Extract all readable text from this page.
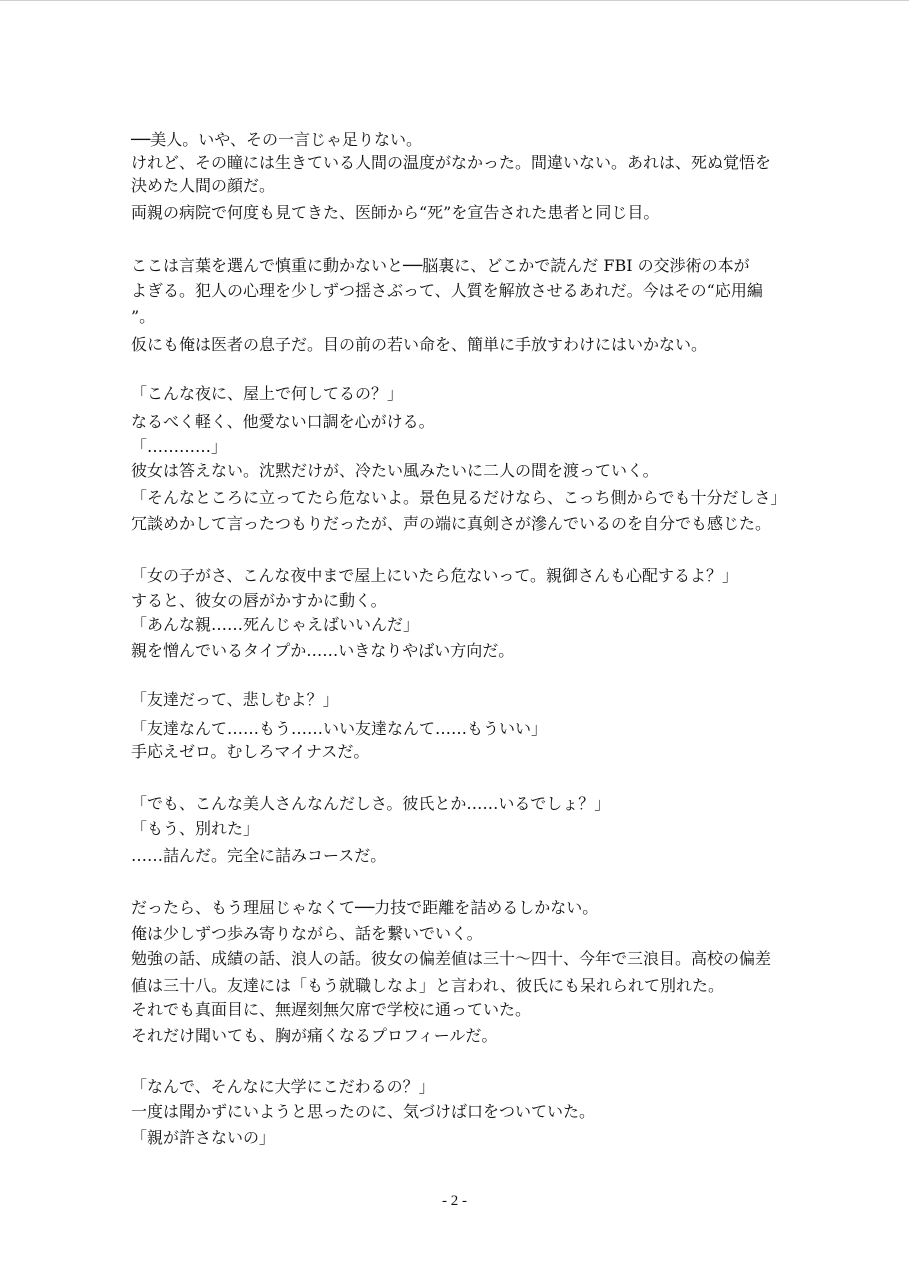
- 2 -
──美人。いや、その一言じゃ足りない。
けれど、その瞳には生きている人間の温度がなかった。間違いない。あれは、死ぬ覚悟を
決めた人間の顔だ。
両親の病院で何度も見てきた、医師から“死”を宣告された患者と同じ目。
ここは言葉を選んで慎重に動かないと──脳裏に、どこかで読んだ FBI の交渉術の本が
よぎる。犯人の心理を少しずつ揺さぶって、人質を解放させるあれだ。今はその“応用編
”。
仮にも俺は医者の息子だ。目の前の若い命を、簡単に手放すわけにはいかない。
「こんな夜に、屋上で何してるの？」
なるべく軽く、他愛ない口調を心がける。
「…………」
彼女は答えない。沈黙だけが、冷たい風みたいに二人の間を渡っていく。
「そんなところに立ってたら危ないよ。景色見るだけなら、こっち側からでも十分だしさ」
冗談めかして言ったつもりだったが、声の端に真剣さが滲んでいるのを自分でも感じた。
「女の子がさ、こんな夜中まで屋上にいたら危ないって。親御さんも心配するよ？」
すると、彼女の唇がかすかに動く。
「あんな親……死んじゃえばいいんだ」
親を憎んでいるタイプか……いきなりやばい方向だ。
「友達だって、悲しむよ？」
「友達なんて……もう……いい友達なんて……もういい」
手応えゼロ。むしろマイナスだ。
「でも、こんな美人さんなんだしさ。彼氏とか……いるでしょ？」
「もう、別れた」
……詰んだ。完全に詰みコースだ。
だったら、もう理屈じゃなくて──力技で距離を詰めるしかない。
俺は少しずつ歩み寄りながら、話を繋いでいく。
勉強の話、成績の話、浪人の話。彼女の偏差値は三十〜四十、今年で三浪目。高校の偏差
値は三十八。友達には「もう就職しなよ」と言われ、彼氏にも呆れられて別れた。
それでも真面目に、無遅刻無欠席で学校に通っていた。
それだけ聞いても、胸が痛くなるプロフィールだ。
「なんで、そんなに大学にこだわるの？」
一度は聞かずにいようと思ったのに、気づけば口をついていた。
「親が許さないの」
